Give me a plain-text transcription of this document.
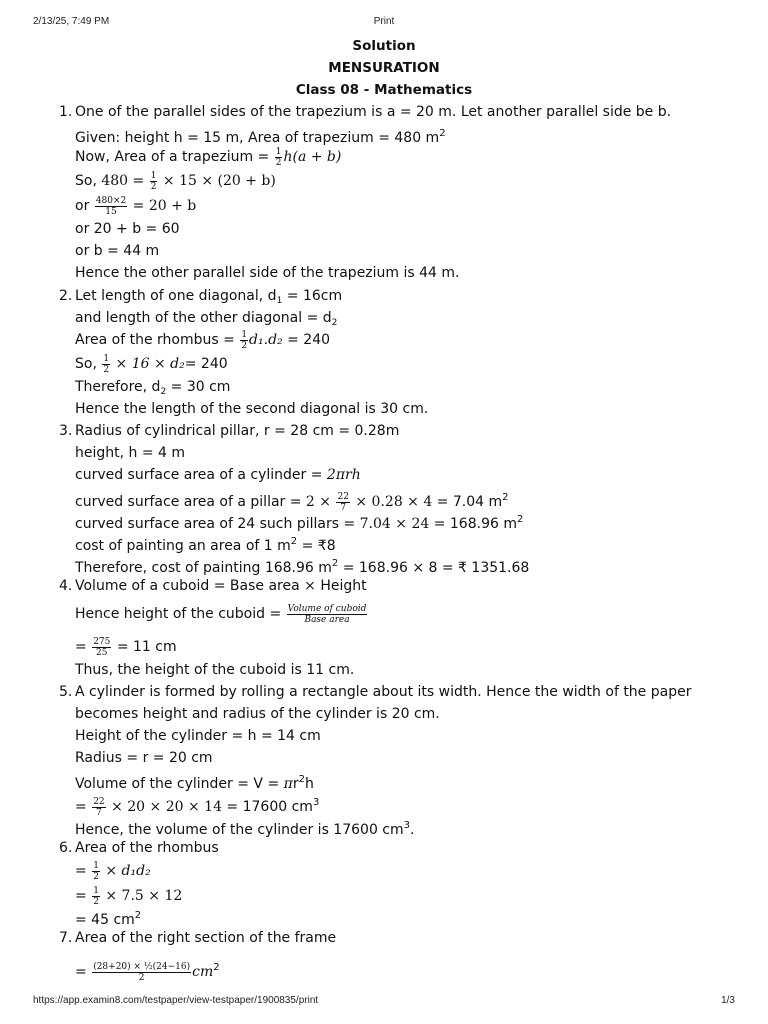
2/13/25, 7:49 PM	Print
Solution
MENSURATION
Class 08 - Mathematics
1. One of the parallel sides of the trapezium is a = 20 m. Let another parallel side be b.
Given: height h = 15 m, Area of trapezium = 480 $m^2$
Now, Area of a trapezium = $\frac{1}{2} h(a + b)$
So, $480 = \frac{1}{2} \times 15 \times (20 + b)$
or $\frac{480\times 2}{15} = 20 + b$
or 20 + b = 60
or b = 44 m
Hence the other parallel side of the trapezium is 44 m.
2. Let length of one diagonal, $d_1 = 16cm$
and length of the other diagonal = $d_2$
Area of the rhombus = $\frac{1}{2} d_1.d_2 = 240$
So, $\frac{1}{2} \times 16 \times d_2= 240$
Therefore, $d_2 = 30$ cm
Hence the length of the second diagonal is 30 cm.
3. Radius of cylindrical pillar, r = 28 cm = 0.28m
height, h = 4 m
curved surface area of a cylinder = 2πrh
curved surface area of a pillar = $2 \times \frac{22}{7} \times 0.28 \times 4 = 7.04$ $m^2$
curved surface area of 24 such pillars = 7.04 × 24 = 168.96 $m^2$
cost of painting an area of 1 $m^2$ = ₹8
Therefore, cost of painting 168.96 $m^2 = 168.96 \times 8$ = ₹ 1351.68
4. Volume of a cuboid = Base area × Height
Hence height of the cuboid = $\frac{\text{Volume of cuboid}}{\text{Base area}}$
= $\frac{275}{25} = 11$ cm
Thus, the height of the cuboid is 11 cm.
5. A cylinder is formed by rolling a rectangle about its width. Hence the width of the paper
becomes height and radius of the cylinder is 20 cm.
Height of the cylinder = h = 14 cm
Radius = r = 20 cm
Volume of the cylinder = $V = \pi r^2h$
= $\frac{22}{7} \times 20 \times 20 \times 14 = 17600$ $cm^3$
Hence, the volume of the cylinder is 17600 $cm^3$.
6. Area of the rhombus
= $\frac{1}{2} \times d_1d_2$
= $\frac{1}{2} \times 7.5 \times 12$
= 45 $cm^2$
7. Area of the right section of the frame
= $\frac{\text{(28+20) × ½(24−16)}}{2} cm^2$
https://app.examin8.com/testpaper/view-testpaper/1900835/print	1/3
